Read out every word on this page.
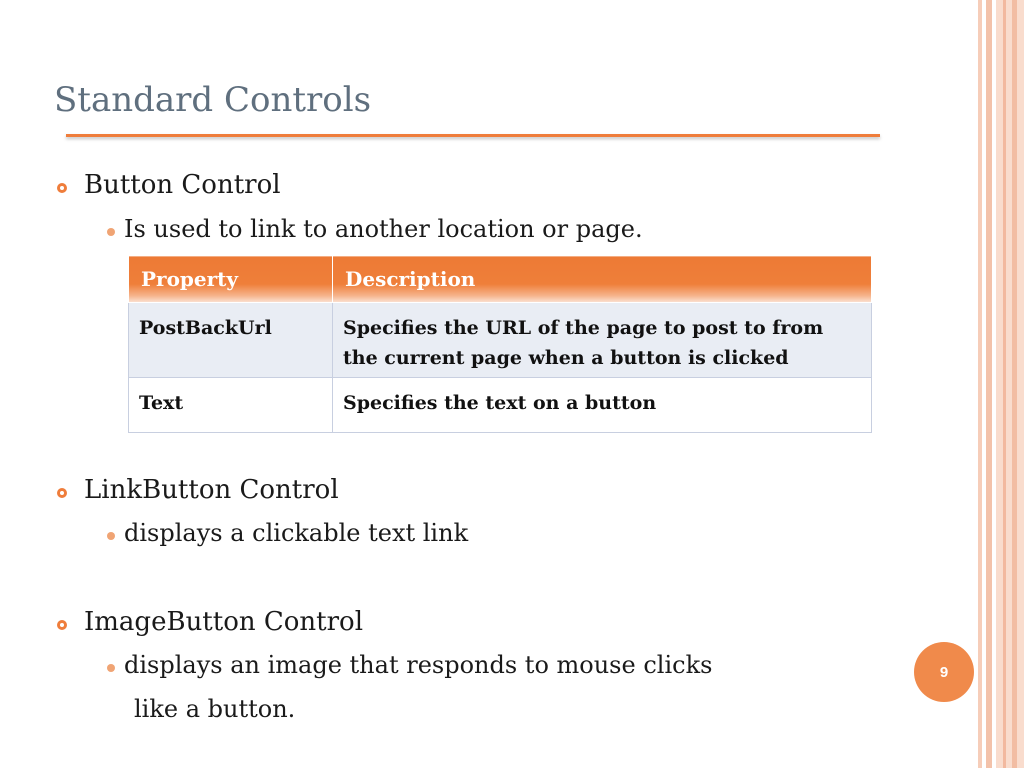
Standard Controls
Button Control
Is used to link to another location or page.
Property	Description
PostBackUrl	Specifies the URL of the page to post to from the current page when a button is clicked
Text	Specifies the text on a button
LinkButton Control
displays a clickable text link
ImageButton Control
displays an image that responds to mouse clicks
like a button.
9
